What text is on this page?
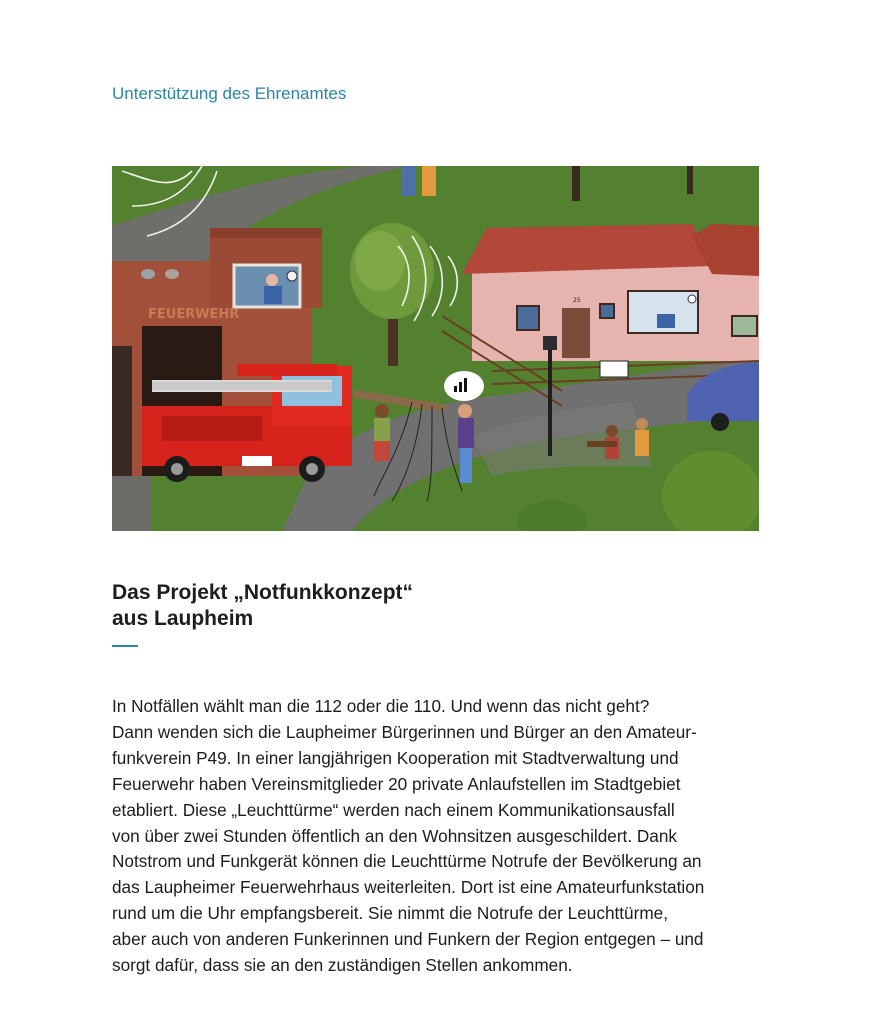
Unterstützung des Ehrenamtes
FEUERWEHR
25
Das Projekt „Notfunkkonzept“
aus Laupheim
In Notfällen wählt man die 112 oder die 110. Und wenn das nicht geht?
Dann wenden sich die Laupheimer Bürgerinnen und Bürger an den Amateur-
funkverein P49. In einer langjährigen Kooperation mit Stadtverwaltung und
Feuerwehr haben Vereinsmitglieder 20 private Anlaufstellen im Stadtgebiet
etabliert. Diese „Leuchttürme“ werden nach einem Kommunikationsausfall
von über zwei Stunden öffentlich an den Wohnsitzen ausgeschildert. Dank
Notstrom und Funkgerät können die Leuchttürme Notrufe der Bevölkerung an
das Laupheimer Feuerwehrhaus weiterleiten. Dort ist eine Amateurfunkstation
rund um die Uhr empfangsbereit. Sie nimmt die Notrufe der Leuchttürme,
aber auch von anderen Funkerinnen und Funkern der Region entgegen – und
sorgt dafür, dass sie an den zuständigen Stellen ankommen.
